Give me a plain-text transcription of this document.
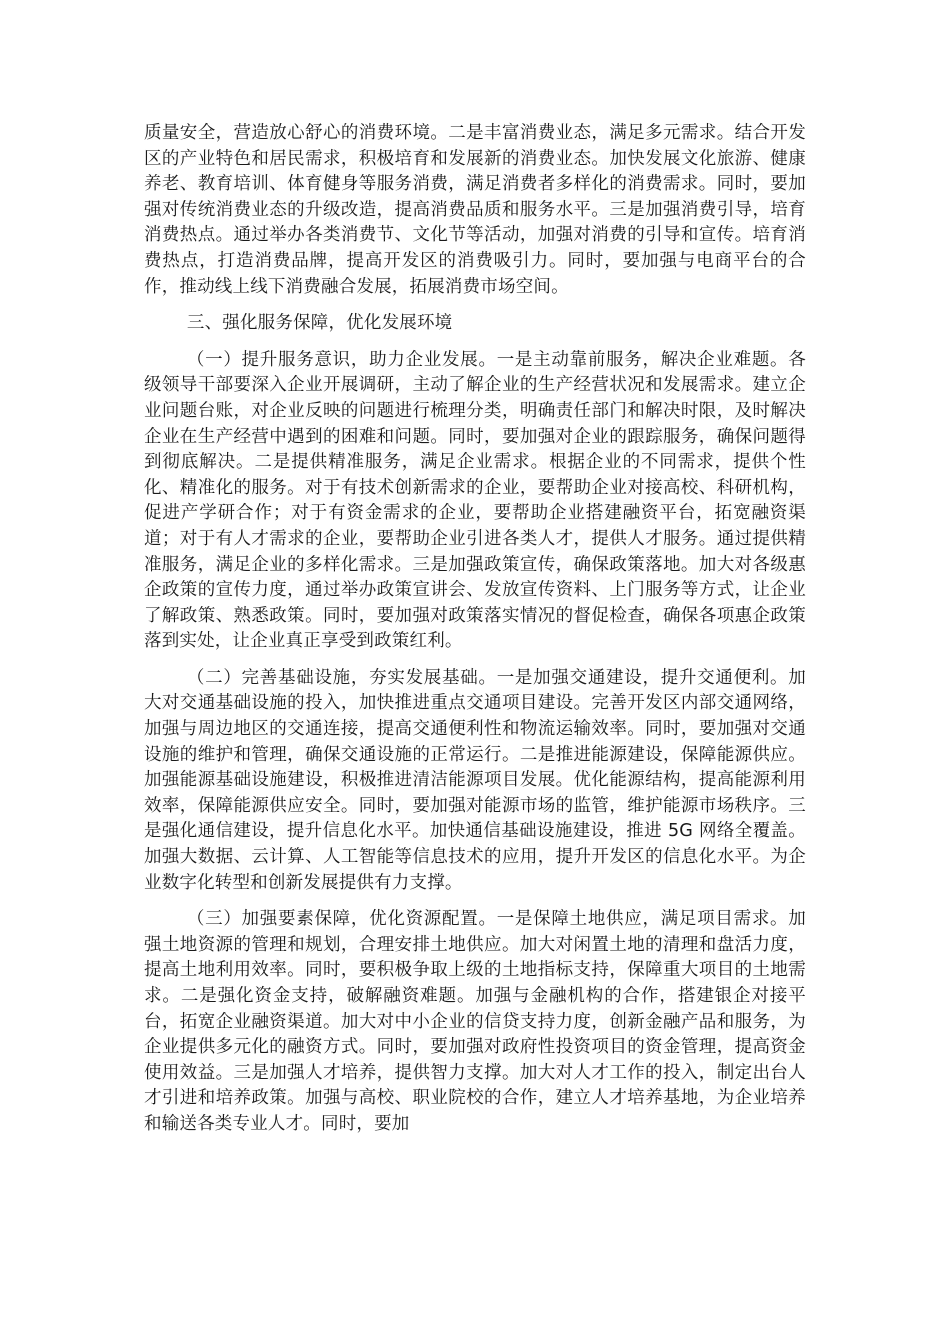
质量安全，营造放心舒心的消费环境。二是丰富消费业态，满足多元需求。结合开发区的产业特色和居民需求，积极培育和发展新的消费业态。加快发展文化旅游、健康养老、教育培训、体育健身等服务消费，满足消费者多样化的消费需求。同时，要加强对传统消费业态的升级改造，提高消费品质和服务水平。三是加强消费引导，培育消费热点。通过举办各类消费节、文化节等活动，加强对消费的引导和宣传。培育消费热点，打造消费品牌，提高开发区的消费吸引力。同时，要加强与电商平台的合作，推动线上线下消费融合发展，拓展消费市场空间。

三、强化服务保障，优化发展环境

（一）提升服务意识，助力企业发展。一是主动靠前服务，解决企业难题。各级领导干部要深入企业开展调研，主动了解企业的生产经营状况和发展需求。建立企业问题台账，对企业反映的问题进行梳理分类，明确责任部门和解决时限，及时解决企业在生产经营中遇到的困难和问题。同时，要加强对企业的跟踪服务，确保问题得到彻底解决。二是提供精准服务，满足企业需求。根据企业的不同需求，提供个性化、精准化的服务。对于有技术创新需求的企业，要帮助企业对接高校、科研机构，促进产学研合作；对于有资金需求的企业，要帮助企业搭建融资平台，拓宽融资渠道；对于有人才需求的企业，要帮助企业引进各类人才，提供人才服务。通过提供精准服务，满足企业的多样化需求。三是加强政策宣传，确保政策落地。加大对各级惠企政策的宣传力度，通过举办政策宣讲会、发放宣传资料、上门服务等方式，让企业了解政策、熟悉政策。同时，要加强对政策落实情况的督促检查，确保各项惠企政策落到实处，让企业真正享受到政策红利。

（二）完善基础设施，夯实发展基础。一是加强交通建设，提升交通便利。加大对交通基础设施的投入，加快推进重点交通项目建设。完善开发区内部交通网络，加强与周边地区的交通连接，提高交通便利性和物流运输效率。同时，要加强对交通设施的维护和管理，确保交通设施的正常运行。二是推进能源建设，保障能源供应。加强能源基础设施建设，积极推进清洁能源项目发展。优化能源结构，提高能源利用效率，保障能源供应安全。同时，要加强对能源市场的监管，维护能源市场秩序。三是强化通信建设，提升信息化水平。加快通信基础设施建设，推进 5G 网络全覆盖。加强大数据、云计算、人工智能等信息技术的应用，提升开发区的信息化水平。为企业数字化转型和创新发展提供有力支撑。

（三）加强要素保障，优化资源配置。一是保障土地供应，满足项目需求。加强土地资源的管理和规划，合理安排土地供应。加大对闲置土地的清理和盘活力度，提高土地利用效率。同时，要积极争取上级的土地指标支持，保障重大项目的土地需求。二是强化资金支持，破解融资难题。加强与金融机构的合作，搭建银企对接平台，拓宽企业融资渠道。加大对中小企业的信贷支持力度，创新金融产品和服务，为企业提供多元化的融资方式。同时，要加强对政府性投资项目的资金管理，提高资金使用效益。三是加强人才培养，提供智力支撑。加大对人才工作的投入，制定出台人才引进和培养政策。加强与高校、职业院校的合作，建立人才培养基地，为企业培养和输送各类专业人才。同时，要加
